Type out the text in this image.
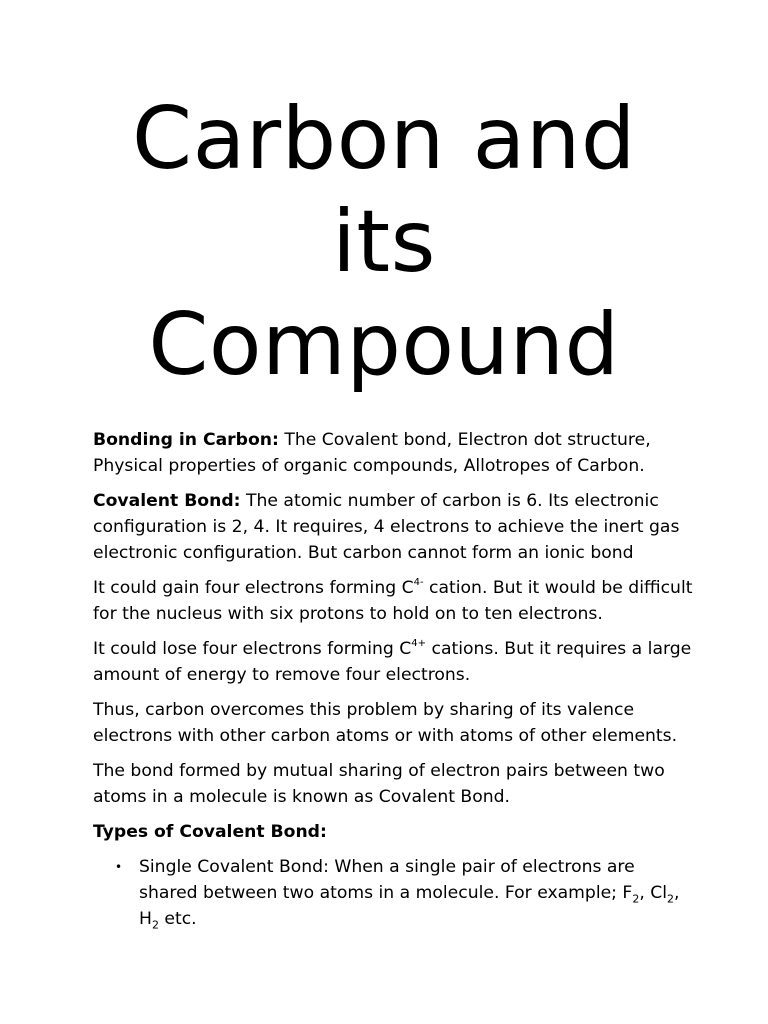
Carbon and
its
Compound

Bonding in Carbon: The Covalent bond, Electron dot structure, Physical properties of organic compounds, Allotropes of Carbon.

Covalent Bond: The atomic number of carbon is 6. Its electronic configuration is 2, 4. It requires, 4 electrons to achieve the inert gas electronic configuration. But carbon cannot form an ionic bond

It could gain four electrons forming $C^{4-}$ cation. But it would be difficult for the nucleus with six protons to hold on to ten electrons.

It could lose four electrons forming $C^{4+}$ cations. But it requires a large amount of energy to remove four electrons.

Thus, carbon overcomes this problem by sharing of its valence electrons with other carbon atoms or with atoms of other elements.

The bond formed by mutual sharing of electron pairs between two atoms in a molecule is known as Covalent Bond.

Types of Covalent Bond:

• Single Covalent Bond: When a single pair of electrons are shared between two atoms in a molecule. For example; $F_2$, $Cl_2$, $H_2$ etc.
